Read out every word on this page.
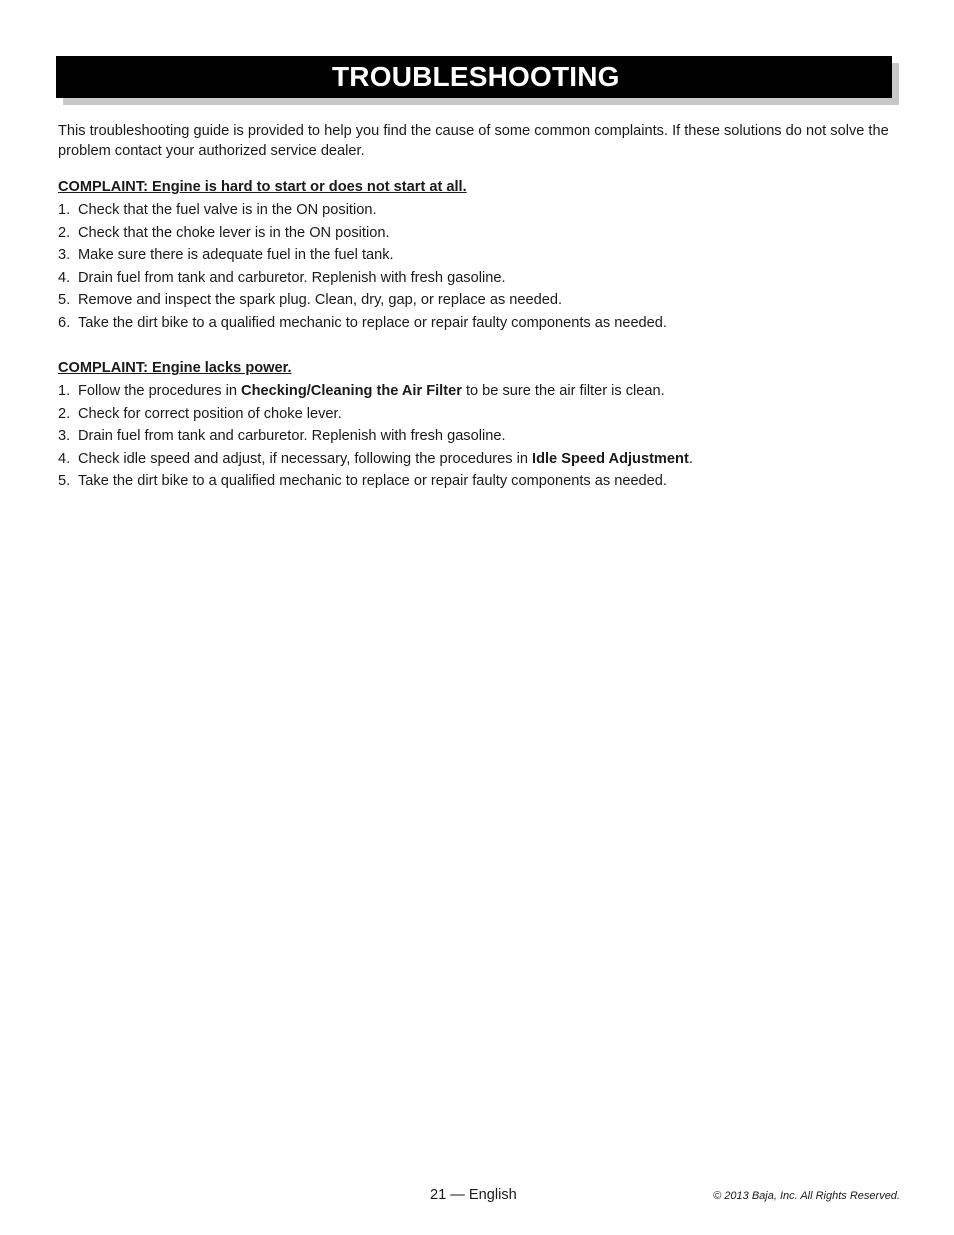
TROUBLESHOOTING

This troubleshooting guide is provided to help you find the cause of some common complaints. If these solutions do not solve the problem contact your authorized service dealer.

COMPLAINT: Engine is hard to start or does not start at all.
1. Check that the fuel valve is in the ON position.
2. Check that the choke lever is in the ON position.
3. Make sure there is adequate fuel in the fuel tank.
4. Drain fuel from tank and carburetor. Replenish with fresh gasoline.
5. Remove and inspect the spark plug. Clean, dry, gap, or replace as needed.
6. Take the dirt bike to a qualified mechanic to replace or repair faulty components as needed.
COMPLAINT: Engine lacks power.
1. Follow the procedures in Checking/Cleaning the Air Filter to be sure the air filter is clean.
2. Check for correct position of choke lever.
3. Drain fuel from tank and carburetor. Replenish with fresh gasoline.
4. Check idle speed and adjust, if necessary, following the procedures in Idle Speed Adjustment.
5. Take the dirt bike to a qualified mechanic to replace or repair faulty components as needed.
21 — English	© 2013 Baja, Inc. All Rights Reserved.
